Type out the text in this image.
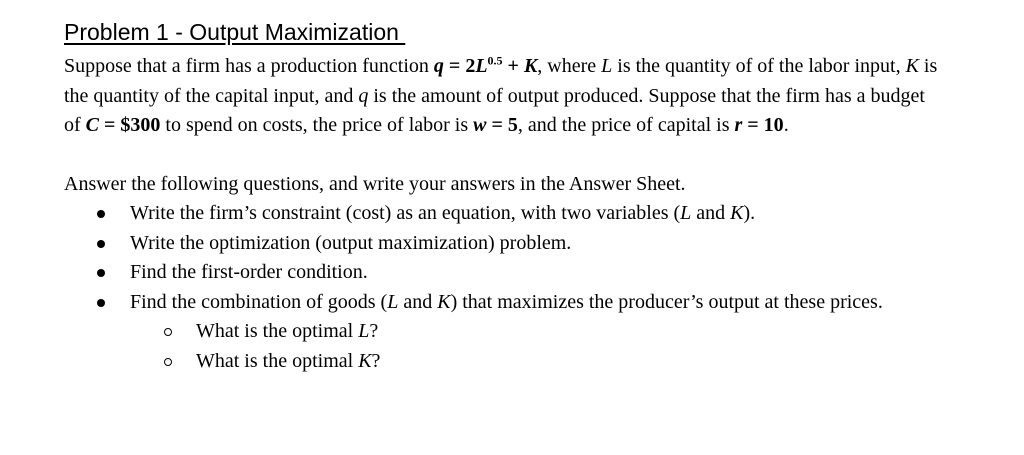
Problem 1 - Output Maximization

Suppose that a firm has a production function $q = 2L^{0.5} + K$, where L is the quantity of of the labor input, K is the quantity of the capital input, and q is the amount of output produced. Suppose that the firm has a budget of C = $300 to spend on costs, the price of labor is w = 5, and the price of capital is r = 10.

Answer the following questions, and write your answers in the Answer Sheet.

Write the firm’s constraint (cost) as an equation, with two variables (L and K).
Write the optimization (output maximization) problem.
Find the first-order condition.
Find the combination of goods (L and K) that maximizes the producer’s output at these prices.
What is the optimal L?
What is the optimal K?
